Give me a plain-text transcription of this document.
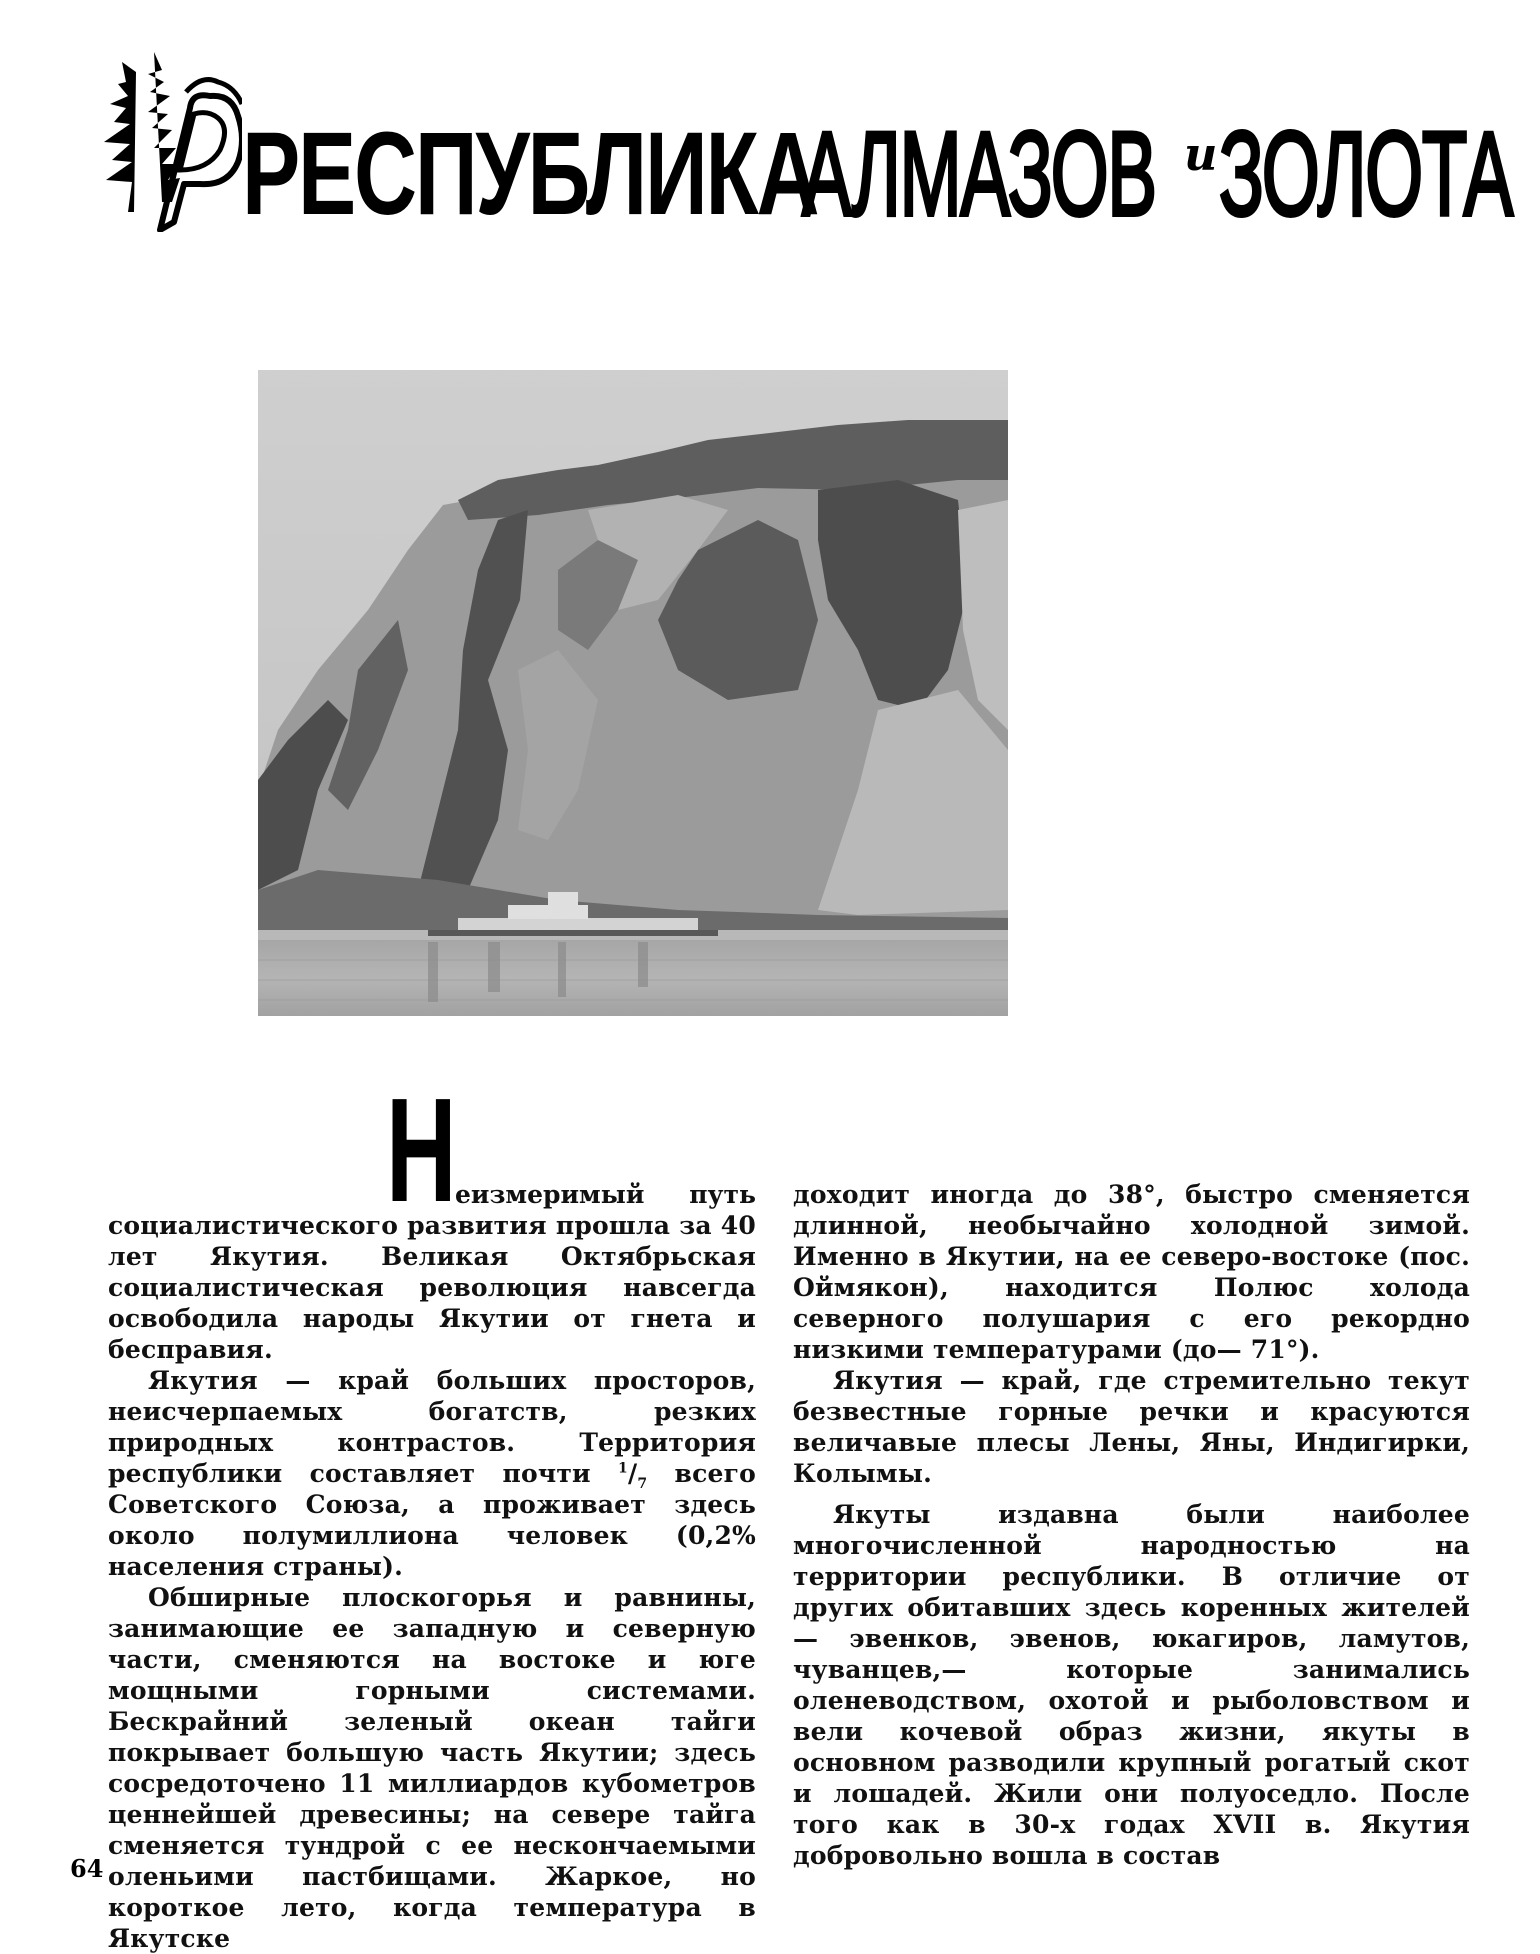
РЕСПУБЛИКА
АЛМАЗОВ и ЗОЛОТА
Н
еизмеримый путь

социалистического развития прошла за 40 лет Якутия. Великая Октябрьская социалистическая революция навсегда освободила народы Якутии от гнета и бесправия.

Якутия — край больших просторов, неисчерпаемых богатств, резких природных контрастов. Территория республики составляет почти $^1/_7$ всего Советского Союза, а проживает здесь около полумиллиона человек (0,2% населения страны).

Обширные плоскогорья и равнины, занимающие ее западную и северную части, сменяются на востоке и юге мощными горными системами. Бескрайний зеленый океан тайги покрывает большую часть Якутии; здесь сосредоточено 11 миллиардов кубометров ценнейшей древесины; на севере тайга сменяется тундрой с ее нескончаемыми оленьими пастбищами. Жаркое, но короткое лето, когда температура в Якутске

доходит иногда до 38°, быстро сменяется длинной, необычайно холодной зимой. Именно в Якутии, на ее северо-востоке (пос. Оймякон), находится Полюс холода северного полушария с его рекордно низкими температурами (до— 71°).

Якутия — край, где стремительно текут безвестные горные речки и красуются величавые плесы Лены, Яны, Индигирки, Колымы.

Якуты издавна были наиболее многочисленной народностью на территории республики. В отличие от других обитавших здесь коренных жителей — эвенков, эвенов, юкагиров, ламутов, чуванцев,— которые занимались оленеводством, охотой и рыболовством и вели кочевой образ жизни, якуты в основном разводили крупный рогатый скот и лошадей. Жили они полуоседло. После того как в 30-х годах XVII в. Якутия добровольно вошла в состав

64
